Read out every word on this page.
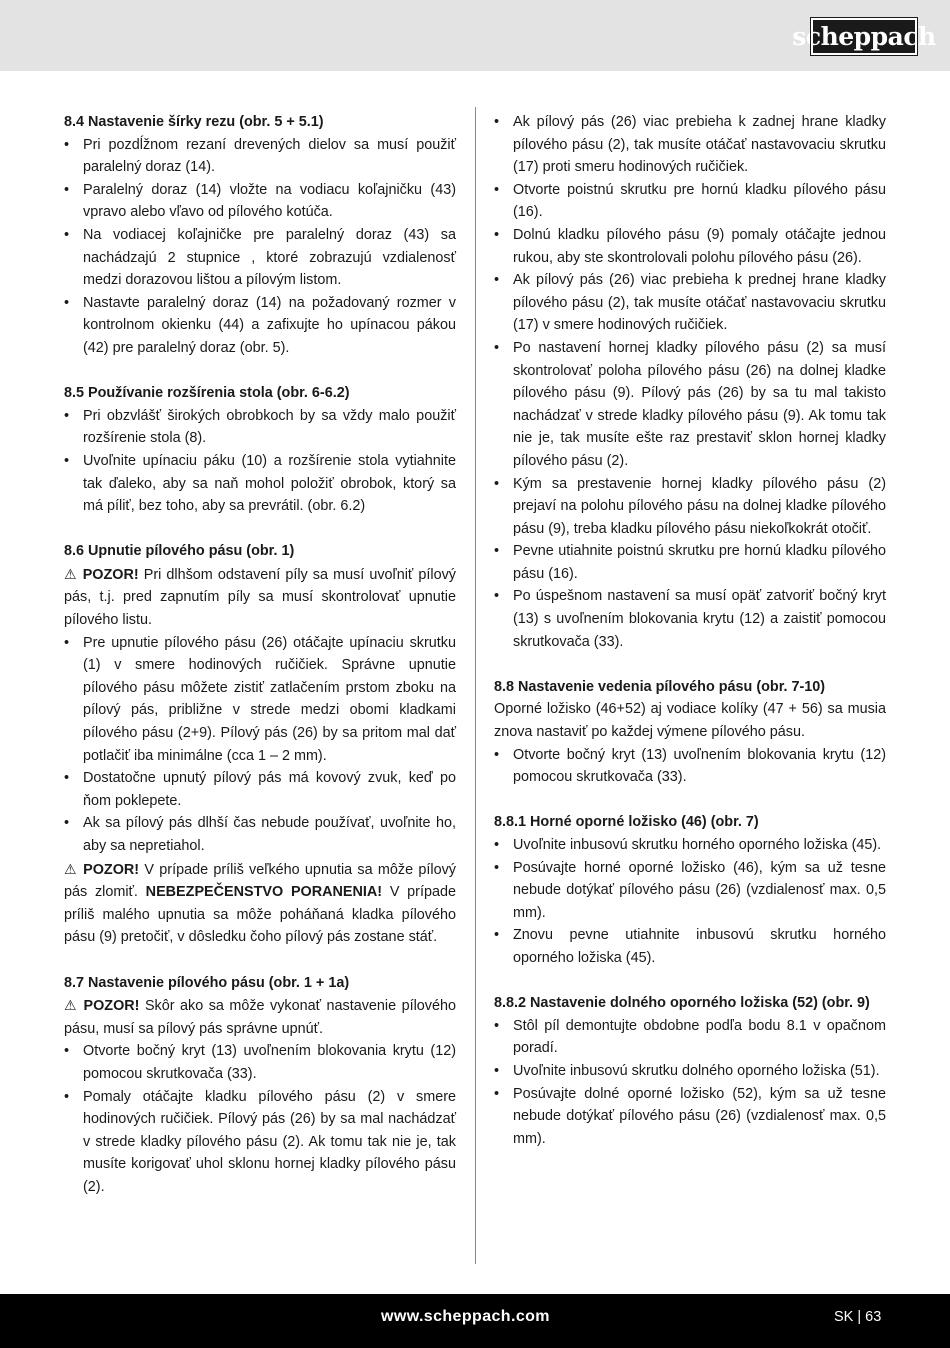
scheppach
8.4 Nastavenie šírky rezu (obr. 5 + 5.1)
• Pri pozdĺžnom rezaní drevených dielov sa musí použiť paralelný doraz (14).
• Paralelný doraz (14) vložte na vodiacu koľajničku (43) vpravo alebo vľavo od pílového kotúča.
• Na vodiacej koľajničke pre paralelný doraz (43) sa nachádzajú 2 stupnice , ktoré zobrazujú vzdialenosť medzi dorazovou lištou a pílovým listom.
• Nastavte paralelný doraz (14) na požadovaný rozmer v kontrolnom okienku (44) a zafixujte ho upínacou pákou (42) pre paralelný doraz (obr. 5).
8.5 Používanie rozšírenia stola (obr. 6-6.2)
• Pri obzvlášť širokých obrobkoch by sa vždy malo použiť rozšírenie stola (8).
• Uvoľnite upínaciu páku (10) a rozšírenie stola vytiahnite tak ďaleko, aby sa naň mohol položiť obrobok, ktorý sa má píliť, bez toho, aby sa prevrátil. (obr. 6.2)
8.6 Upnutie pílového pásu (obr. 1)

⚠ POZOR! Pri dlhšom odstavení píly sa musí uvoľniť pílový pás, t.j. pred zapnutím píly sa musí skontrolovať upnutie pílového listu.

• Pre upnutie pílového pásu (26) otáčajte upínaciu skrutku (1) v smere hodinových ručičiek. Správne upnutie pílového pásu môžete zistiť zatlačením prstom zboku na pílový pás, približne v strede medzi obomi kladkami pílového pásu (2+9). Pílový pás (26) by sa pritom mal dať potlačiť iba minimálne (cca 1 – 2 mm).
• Dostatočne upnutý pílový pás má kovový zvuk, keď po ňom poklepete.
• Ak sa pílový pás dlhší čas nebude používať, uvoľnite ho, aby sa nepretiahol.

⚠ POZOR! V prípade príliš veľkého upnutia sa môže pílový pás zlomiť. NEBEZPEČENSTVO PORANENIA! V prípade príliš malého upnutia sa môže poháňaná kladka pílového pásu (9) pretočiť, v dôsledku čoho pílový pás zostane stáť.

8.7 Nastavenie pílového pásu (obr. 1 + 1a)

⚠ POZOR! Skôr ako sa môže vykonať nastavenie pílového pásu, musí sa pílový pás správne upnúť.

• Otvorte bočný kryt (13) uvoľnením blokovania krytu (12) pomocou skrutkovača (33).
• Pomaly otáčajte kladku pílového pásu (2) v smere hodinových ručičiek. Pílový pás (26) by sa mal nachádzať v strede kladky pílového pásu (2). Ak tomu tak nie je, tak musíte korigovať uhol sklonu hornej kladky pílového pásu (2).
• Ak pílový pás (26) viac prebieha k zadnej hrane kladky pílového pásu (2), tak musíte otáčať nastavovaciu skrutku (17) proti smeru hodinových ručičiek.
• Otvorte poistnú skrutku pre hornú kladku pílového pásu (16).
• Dolnú kladku pílového pásu (9) pomaly otáčajte jednou rukou, aby ste skontrolovali polohu pílového pásu (26).
• Ak pílový pás (26) viac prebieha k prednej hrane kladky pílového pásu (2), tak musíte otáčať nastavovaciu skrutku (17) v smere hodinových ručičiek.
• Po nastavení hornej kladky pílového pásu (2) sa musí skontrolovať poloha pílového pásu (26) na dolnej kladke pílového pásu (9). Pílový pás (26) by sa tu mal takisto nachádzať v strede kladky pílového pásu (9). Ak tomu tak nie je, tak musíte ešte raz prestaviť sklon hornej kladky pílového pásu (2).
• Kým sa prestavenie hornej kladky pílového pásu (2) prejaví na polohu pílového pásu na dolnej kladke pílového pásu (9), treba kladku pílového pásu niekoľkokrát otočiť.
• Pevne utiahnite poistnú skrutku pre hornú kladku pílového pásu (16).
• Po úspešnom nastavení sa musí opäť zatvoriť bočný kryt (13) s uvoľnením blokovania krytu (12) a zaistiť pomocou skrutkovača (33).
8.8 Nastavenie vedenia pílového pásu (obr. 7-10)

Oporné ložisko (46+52) aj vodiace kolíky (47 + 56) sa musia znova nastaviť po každej výmene pílového pásu.

• Otvorte bočný kryt (13) uvoľnením blokovania krytu (12) pomocou skrutkovača (33).
8.8.1 Horné oporné ložisko (46) (obr. 7)
• Uvoľnite inbusovú skrutku horného oporného ložiska (45).
• Posúvajte horné oporné ložisko (46), kým sa už tesne nebude dotýkať pílového pásu (26) (vzdialenosť max. 0,5 mm).
• Znovu pevne utiahnite inbusovú skrutku horného oporného ložiska (45).
8.8.2 Nastavenie dolného oporného ložiska (52) (obr. 9)
• Stôl píl demontujte obdobne podľa bodu 8.1 v opačnom poradí.
• Uvoľnite inbusovú skrutku dolného oporného ložiska (51).
• Posúvajte dolné oporné ložisko (52), kým sa už tesne nebude dotýkať pílového pásu (26) (vzdialenosť max. 0,5 mm).
www.scheppach.com	SK | 63
